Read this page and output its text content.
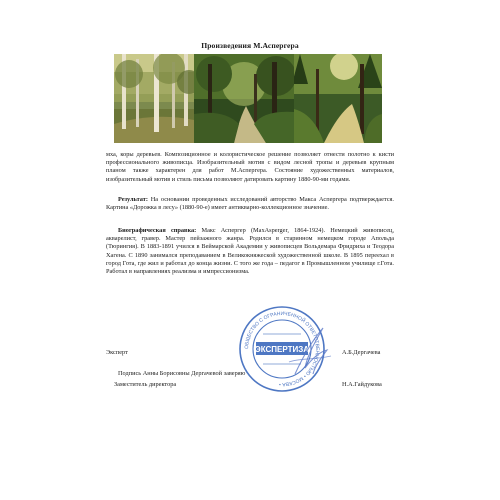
Произведения М.Аспергера
мха, коры деревьев. Композиционное и колористическое решение позволяет отнести полотно к кисти профессионального живописца. Изобразительный мотив с видом лесной тропы и деревьев крупным планом также характерен для работ М.Аспергера. Состояние художественных материалов, изобразительный мотив и стиль письма позволяют датировать картину 1880-90-ми годами.
Результат: На основании проведенных исследований авторство Макса Аспергера подтверждается. Картина «Дорожка в лесу» (1880-90-е) имеет антикварно-коллекционное значение.
Биографическая справка: Макс Аспергер (MaxAsperger, 1864-1924). Немецкий живописец, акварелист, гравер. Мастер пейзажного жанра. Родился в старинном немецком городе Апольда (Тюрингия). В 1883-1891 учился в Веймарской Академии у живописцев Вольдемара Фридриха и Теодора Хагена. С 1890 занимался преподаванием в Великокняжеской художественной школе. В 1895 переехал в город Гота, где жил и работал до конца жизни. С того же года – педагог в Промышленном училище г.Гота. Работал в направлениях реализма и импрессионизма.
Эксперт	А.Б.Дергачева
Подпись Анны Борисовны Дергачевой заверяю
Заместитель директора	Н.А.Гайдукова
ОБЩЕСТВО С ОГРАНИЧЕННОЙ ОТВЕТСТВЕННОСТЬЮ • МОСКВА •
ЭКСПЕРТИЗА
